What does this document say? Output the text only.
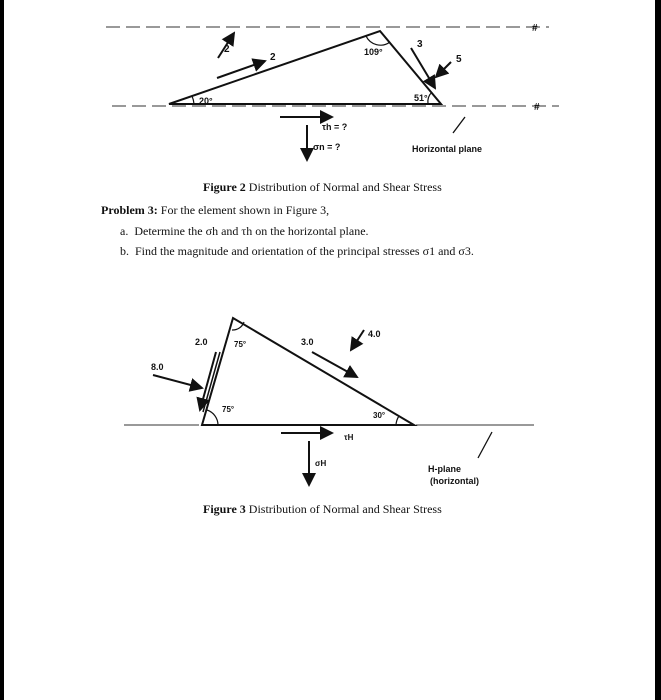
#
#
2
2
3
5
109°
20°	51°
τh = ?
σn = ?	Horizontal plane
Figure 2 Distribution of Normal and Shear Stress
Problem 3: For the element shown in Figure 3,
a. Determine the σh and τh on the horizontal plane.
b. Find the magnitude and orientation of the principal stresses σ1 and σ3.
2.0
8.0
3.0
4.0
75°
75°
30°
τH
σH
H-plane
(horizontal)
Figure 3 Distribution of Normal and Shear Stress
